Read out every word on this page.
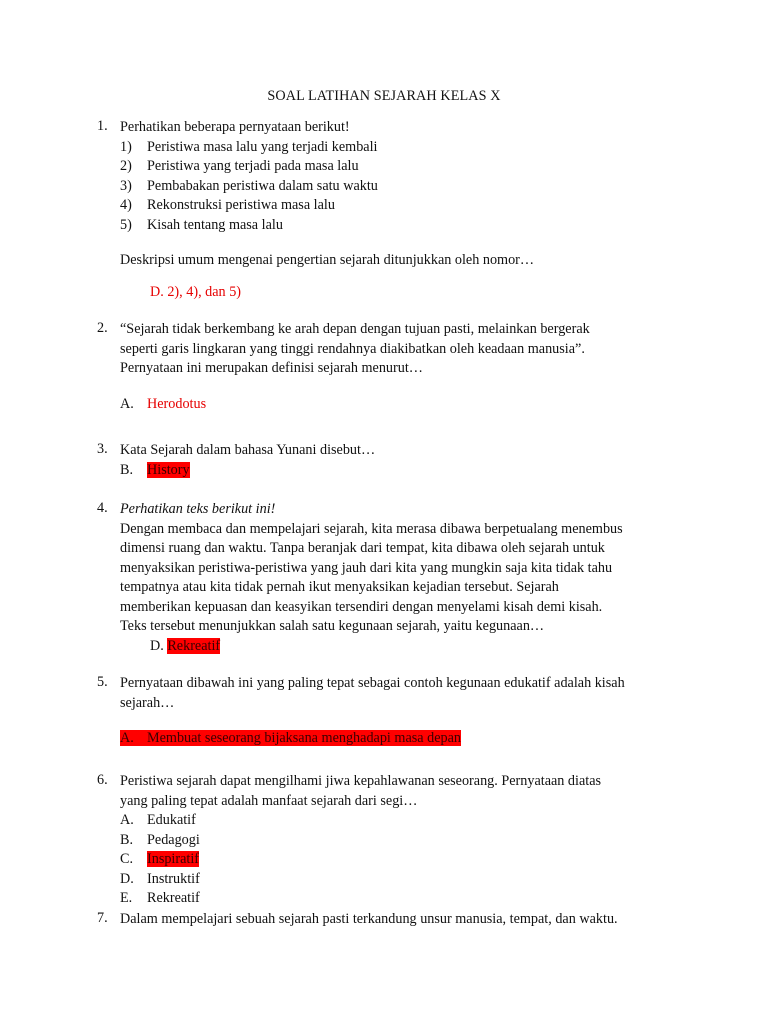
SOAL LATIHAN SEJARAH KELAS X
1. Perhatikan beberapa pernyataan berikut!
1) Peristiwa masa lalu yang terjadi kembali
2) Peristiwa yang terjadi pada masa lalu
3) Pembabakan peristiwa dalam satu waktu
4) Rekonstruksi peristiwa masa lalu
5) Kisah tentang masa lalu
Deskripsi umum mengenai pengertian sejarah ditunjukkan oleh nomor…
D. 2), 4), dan 5)
2. “Sejarah tidak berkembang ke arah depan dengan tujuan pasti, melainkan bergerak
seperti garis lingkaran yang tinggi rendahnya diakibatkan oleh keadaan manusia”.
Pernyataan ini merupakan definisi sejarah menurut…
A. Herodotus
3. Kata Sejarah dalam bahasa Yunani disebut…
B. History
4. Perhatikan teks berikut ini!
Dengan membaca dan mempelajari sejarah, kita merasa dibawa berpetualang menembus
dimensi ruang dan waktu. Tanpa beranjak dari tempat, kita dibawa oleh sejarah untuk
menyaksikan peristiwa-peristiwa yang jauh dari kita yang mungkin saja kita tidak tahu
tempatnya atau kita tidak pernah ikut menyaksikan kejadian tersebut. Sejarah
memberikan kepuasan dan keasyikan tersendiri dengan menyelami kisah demi kisah.
Teks tersebut menunjukkan salah satu kegunaan sejarah, yaitu kegunaan…
D. Rekreatif
5. Pernyataan dibawah ini yang paling tepat sebagai contoh kegunaan edukatif adalah kisah
sejarah…
A. Membuat seseorang bijaksana menghadapi masa depan
6. Peristiwa sejarah dapat mengilhami jiwa kepahlawanan seseorang. Pernyataan diatas
yang paling tepat adalah manfaat sejarah dari segi…
A. Edukatif
B. Pedagogi
C. Inspiratif
D. Instruktif
E. Rekreatif
7. Dalam mempelajari sebuah sejarah pasti terkandung unsur manusia, tempat, dan waktu.
